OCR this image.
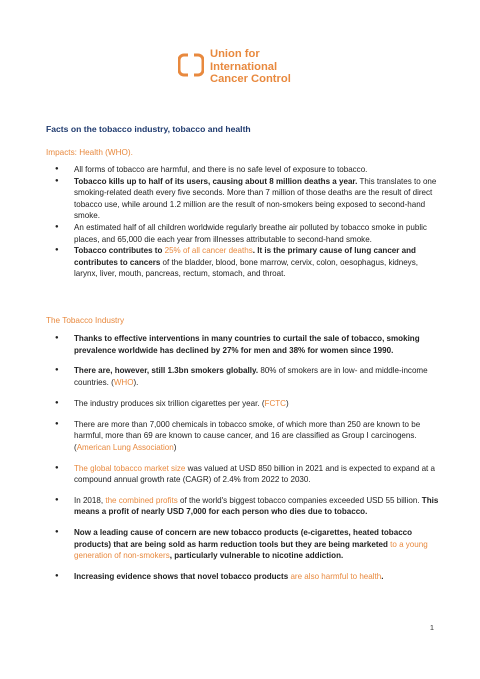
Union for
International
Cancer Control
Facts on the tobacco industry, tobacco and health
Impacts: Health (WHO).
● All forms of tobacco are harmful, and there is no safe level of exposure to tobacco.
● Tobacco kills up to half of its users, causing about 8 million deaths a year. This translates to one smoking-related death every five seconds. More than 7 million of those deaths are the result of direct tobacco use, while around 1.2 million are the result of non-smokers being exposed to second-hand smoke.
● An estimated half of all children worldwide regularly breathe air polluted by tobacco smoke in public places, and 65,000 die each year from illnesses attributable to second-hand smoke.
● Tobacco contributes to 25% of all cancer deaths. It is the primary cause of lung cancer and contributes to cancers of the bladder, blood, bone marrow, cervix, colon, oesophagus, kidneys, larynx, liver, mouth, pancreas, rectum, stomach, and throat.
The Tobacco Industry
● Thanks to effective interventions in many countries to curtail the sale of tobacco, smoking prevalence worldwide has declined by 27% for men and 38% for women since 1990.
● There are, however, still 1.3bn smokers globally. 80% of smokers are in low- and middle-income countries. (WHO).
● The industry produces six trillion cigarettes per year. (FCTC)
● There are more than 7,000 chemicals in tobacco smoke, of which more than 250 are known to be harmful, more than 69 are known to cause cancer, and 16 are classified as Group I carcinogens. (American Lung Association)
● The global tobacco market size was valued at USD 850 billion in 2021 and is expected to expand at a compound annual growth rate (CAGR) of 2.4% from 2022 to 2030.
● In 2018, the combined profits of the world's biggest tobacco companies exceeded USD 55 billion. This means a profit of nearly USD 7,000 for each person who dies due to tobacco.
● Now a leading cause of concern are new tobacco products (e-cigarettes, heated tobacco products) that are being sold as harm reduction tools but they are being marketed to a young generation of non-smokers, particularly vulnerable to nicotine addiction.
● Increasing evidence shows that novel tobacco products are also harmful to health.
1
